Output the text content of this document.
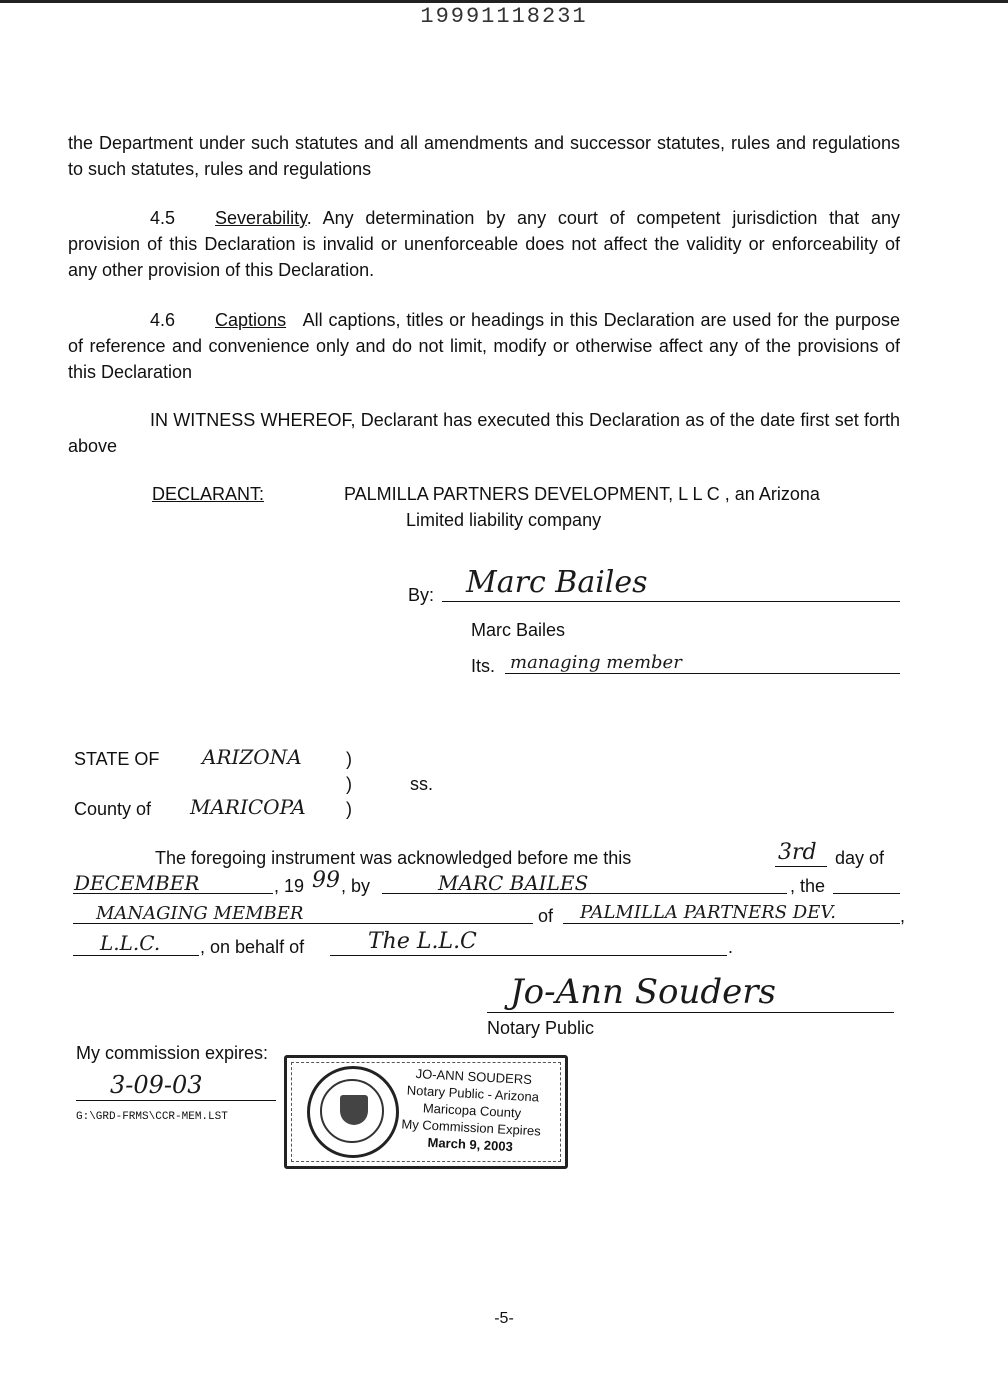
19991118231
the Department under such statutes and all amendments and successor statutes, rules and regulations to such statutes, rules and regulations
4.5 Severability. Any determination by any court of competent jurisdiction that any provision of this Declaration is invalid or unenforceable does not affect the validity or enforceability of any other provision of this Declaration.
4.6 Captions All captions, titles or headings in this Declaration are used for the purpose of reference and convenience only and do not limit, modify or otherwise affect any of the provisions of this Declaration
IN WITNESS WHEREOF, Declarant has executed this Declaration as of the date first set forth above
DECLARANT:	PALMILLA PARTNERS DEVELOPMENT, L L C , an Arizona
Limited liability company
By: Marc Bailes
Marc Bailes
Its. managing member
STATE OF ARIZONA )
)	ss.
County of MARICOPA )
The foregoing instrument was acknowledged before me this	3rd day of
DECEMBER	, 19 99 , by	MARC BAILES	, the
MANAGING MEMBER	of PALMILLA PARTNERS DEV.	,
L.L.C. , on behalf of	The L.L.C	.
Jo-Ann Souders
Notary Public
My commission expires:
3-09-03
G:\GRD-FRMS\CCR-MEM.LST
JO-ANN SOUDERS
Notary Public - Arizona
Maricopa County
My Commission Expires
March 9, 2003
-5-
